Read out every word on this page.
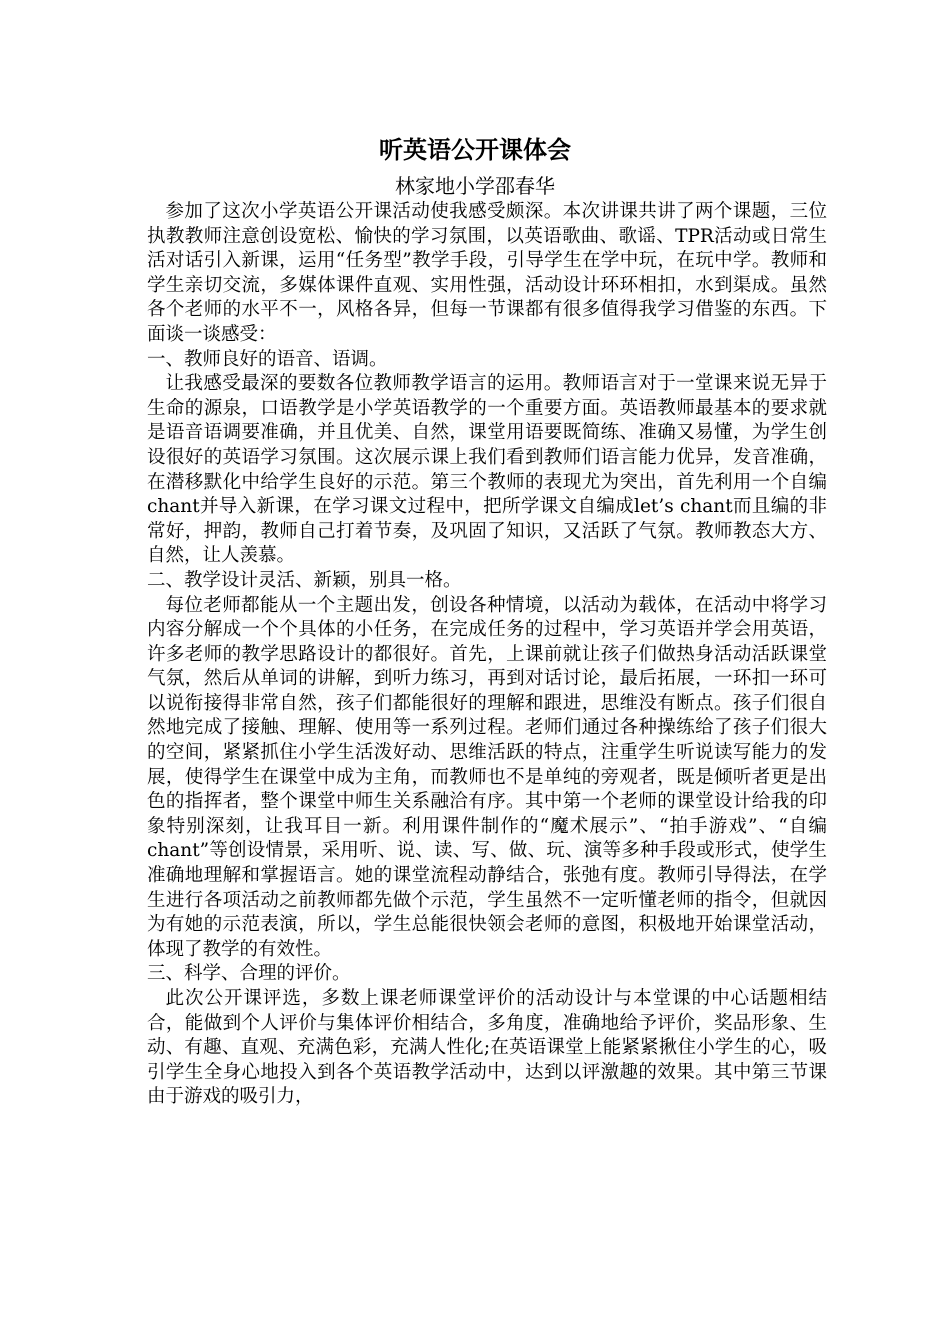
听英语公开课体会
林家地小学邵春华

参加了这次小学英语公开课活动使我感受颇深。本次讲课共讲了两个课题，三位执教教师注意创设宽松、愉快的学习氛围，以英语歌曲、歌谣、TPR活动或日常生活对话引入新课，运用“任务型”教学手段，引导学生在学中玩，在玩中学。教师和学生亲切交流，多媒体课件直观、实用性强，活动设计环环相扣，水到渠成。虽然各个老师的水平不一，风格各异，但每一节课都有很多值得我学习借鉴的东西。下面谈一谈感受：

一、教师良好的语音、语调。

让我感受最深的要数各位教师教学语言的运用。教师语言对于一堂课来说无异于生命的源泉，口语教学是小学英语教学的一个重要方面。英语教师最基本的要求就是语音语调要准确，并且优美、自然，课堂用语要既简练、准确又易懂，为学生创设很好的英语学习氛围。这次展示课上我们看到教师们语言能力优异，发音准确，在潜移默化中给学生良好的示范。第三个教师的表现尤为突出，首先利用一个自编chant并导入新课，在学习课文过程中，把所学课文自编成let’s chant而且编的非常好，押韵，教师自己打着节奏，及巩固了知识，又活跃了气氛。教师教态大方、自然，让人羡慕。

二、教学设计灵活、新颖，别具一格。

每位老师都能从一个主题出发，创设各种情境，以活动为载体，在活动中将学习内容分解成一个个具体的小任务，在完成任务的过程中，学习英语并学会用英语，许多老师的教学思路设计的都很好。首先，上课前就让孩子们做热身活动活跃课堂气氛，然后从单词的讲解，到听力练习，再到对话讨论，最后拓展，一环扣一环可以说衔接得非常自然，孩子们都能很好的理解和跟进，思维没有断点。孩子们很自然地完成了接触、理解、使用等一系列过程。老师们通过各种操练给了孩子们很大的空间，紧紧抓住小学生活泼好动、思维活跃的特点，注重学生听说读写能力的发展，使得学生在课堂中成为主角，而教师也不是单纯的旁观者，既是倾听者更是出色的指挥者，整个课堂中师生关系融洽有序。其中第一个老师的课堂设计给我的印象特别深刻，让我耳目一新。利用课件制作的“魔术展示”、“拍手游戏”、“自编chant”等创设情景，采用听、说、读、写、做、玩、演等多种手段或形式，使学生准确地理解和掌握语言。她的课堂流程动静结合，张弛有度。教师引导得法，在学生进行各项活动之前教师都先做个示范，学生虽然不一定听懂老师的指令，但就因为有她的示范表演，所以，学生总能很快领会老师的意图，积极地开始课堂活动，体现了教学的有效性。

三、科学、合理的评价。

此次公开课评选，多数上课老师课堂评价的活动设计与本堂课的中心话题相结合，能做到个人评价与集体评价相结合，多角度，准确地给予评价，奖品形象、生动、有趣、直观、充满色彩，充满人性化;在英语课堂上能紧紧揪住小学生的心，吸引学生全身心地投入到各个英语教学活动中，达到以评激趣的效果。其中第三节课由于游戏的吸引力，
